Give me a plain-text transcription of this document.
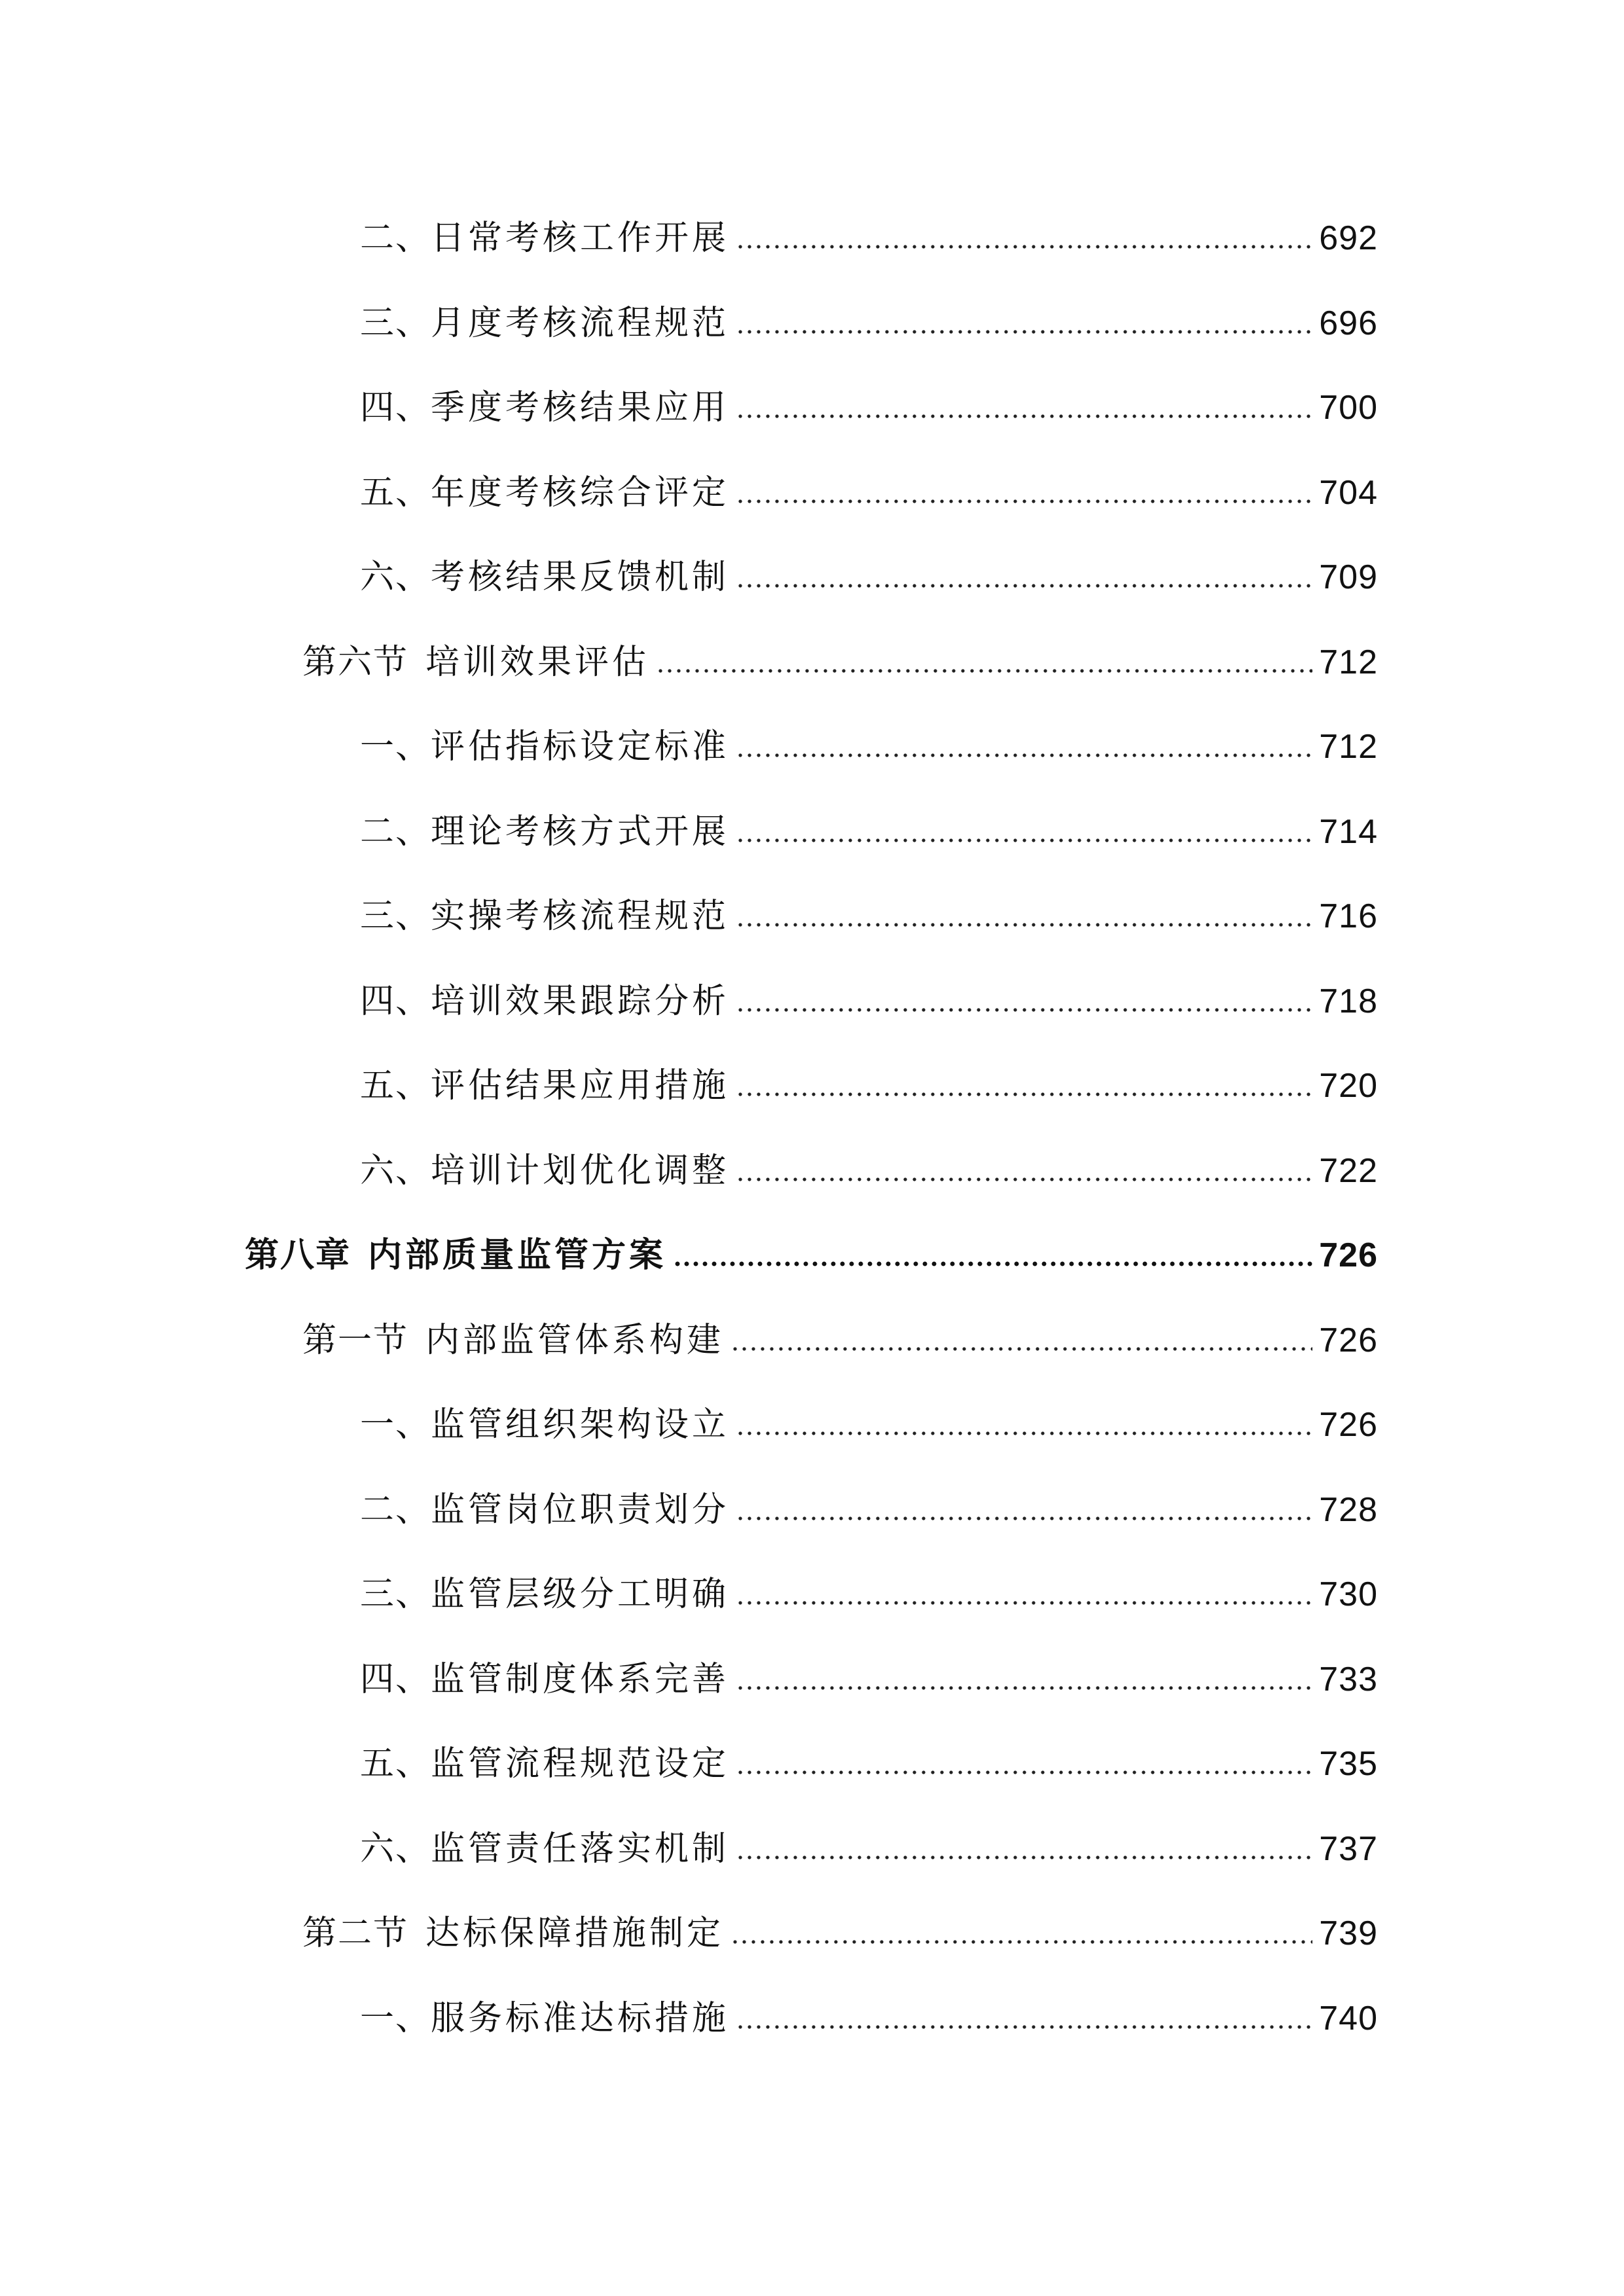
二、 日常考核工作开展	692
三、 月度考核流程规范	696
四、 季度考核结果应用	700
五、 年度考核综合评定	704
六、 考核结果反馈机制	709
第六节 培训效果评估	712
一、 评估指标设定标准	712
二、 理论考核方式开展	714
三、 实操考核流程规范	716
四、 培训效果跟踪分析	718
五、 评估结果应用措施	720
六、 培训计划优化调整	722
第八章 内部质量监管方案	726
第一节 内部监管体系构建	726
一、 监管组织架构设立	726
二、 监管岗位职责划分	728
三、 监管层级分工明确	730
四、 监管制度体系完善	733
五、 监管流程规范设定	735
六、 监管责任落实机制	737
第二节 达标保障措施制定	739
一、 服务标准达标措施	740
